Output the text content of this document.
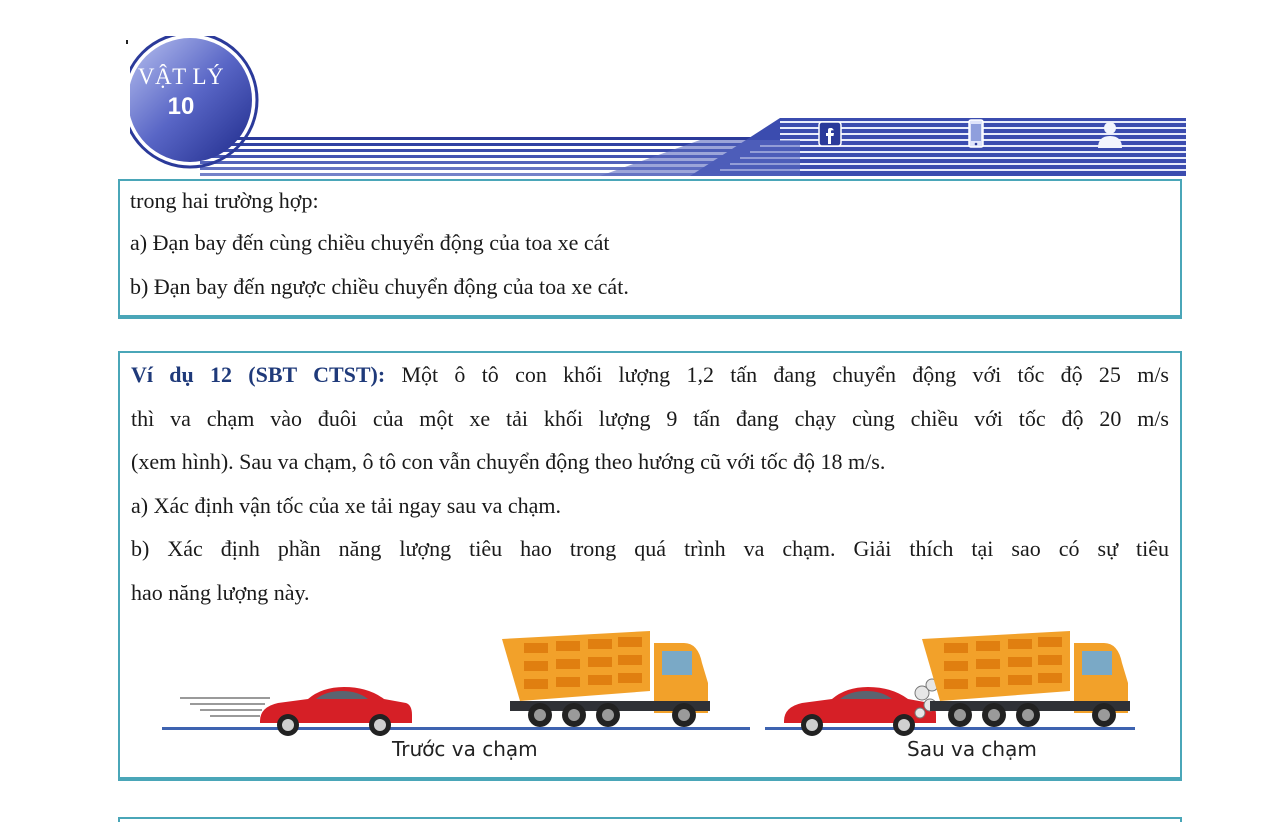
VẬT LÝ
10
trong hai trường hợp:
a) Đạn bay đến cùng chiều chuyển động của toa xe cát
b) Đạn bay đến ngược chiều chuyển động của toa xe cát.
Ví dụ 12 (SBT CTST): Một ô tô con khối lượng 1,2 tấn đang chuyển động với tốc độ 25 m/s
thì va chạm vào đuôi của một xe tải khối lượng 9 tấn đang chạy cùng chiều với tốc độ 20 m/s
(xem hình). Sau va chạm, ô tô con vẫn chuyển động theo hướng cũ với tốc độ 18 m/s.
a) Xác định vận tốc của xe tải ngay sau va chạm.
b) Xác định phần năng lượng tiêu hao trong quá trình va chạm. Giải thích tại sao có sự tiêu
hao năng lượng này.
Trước va chạm	Sau va chạm
